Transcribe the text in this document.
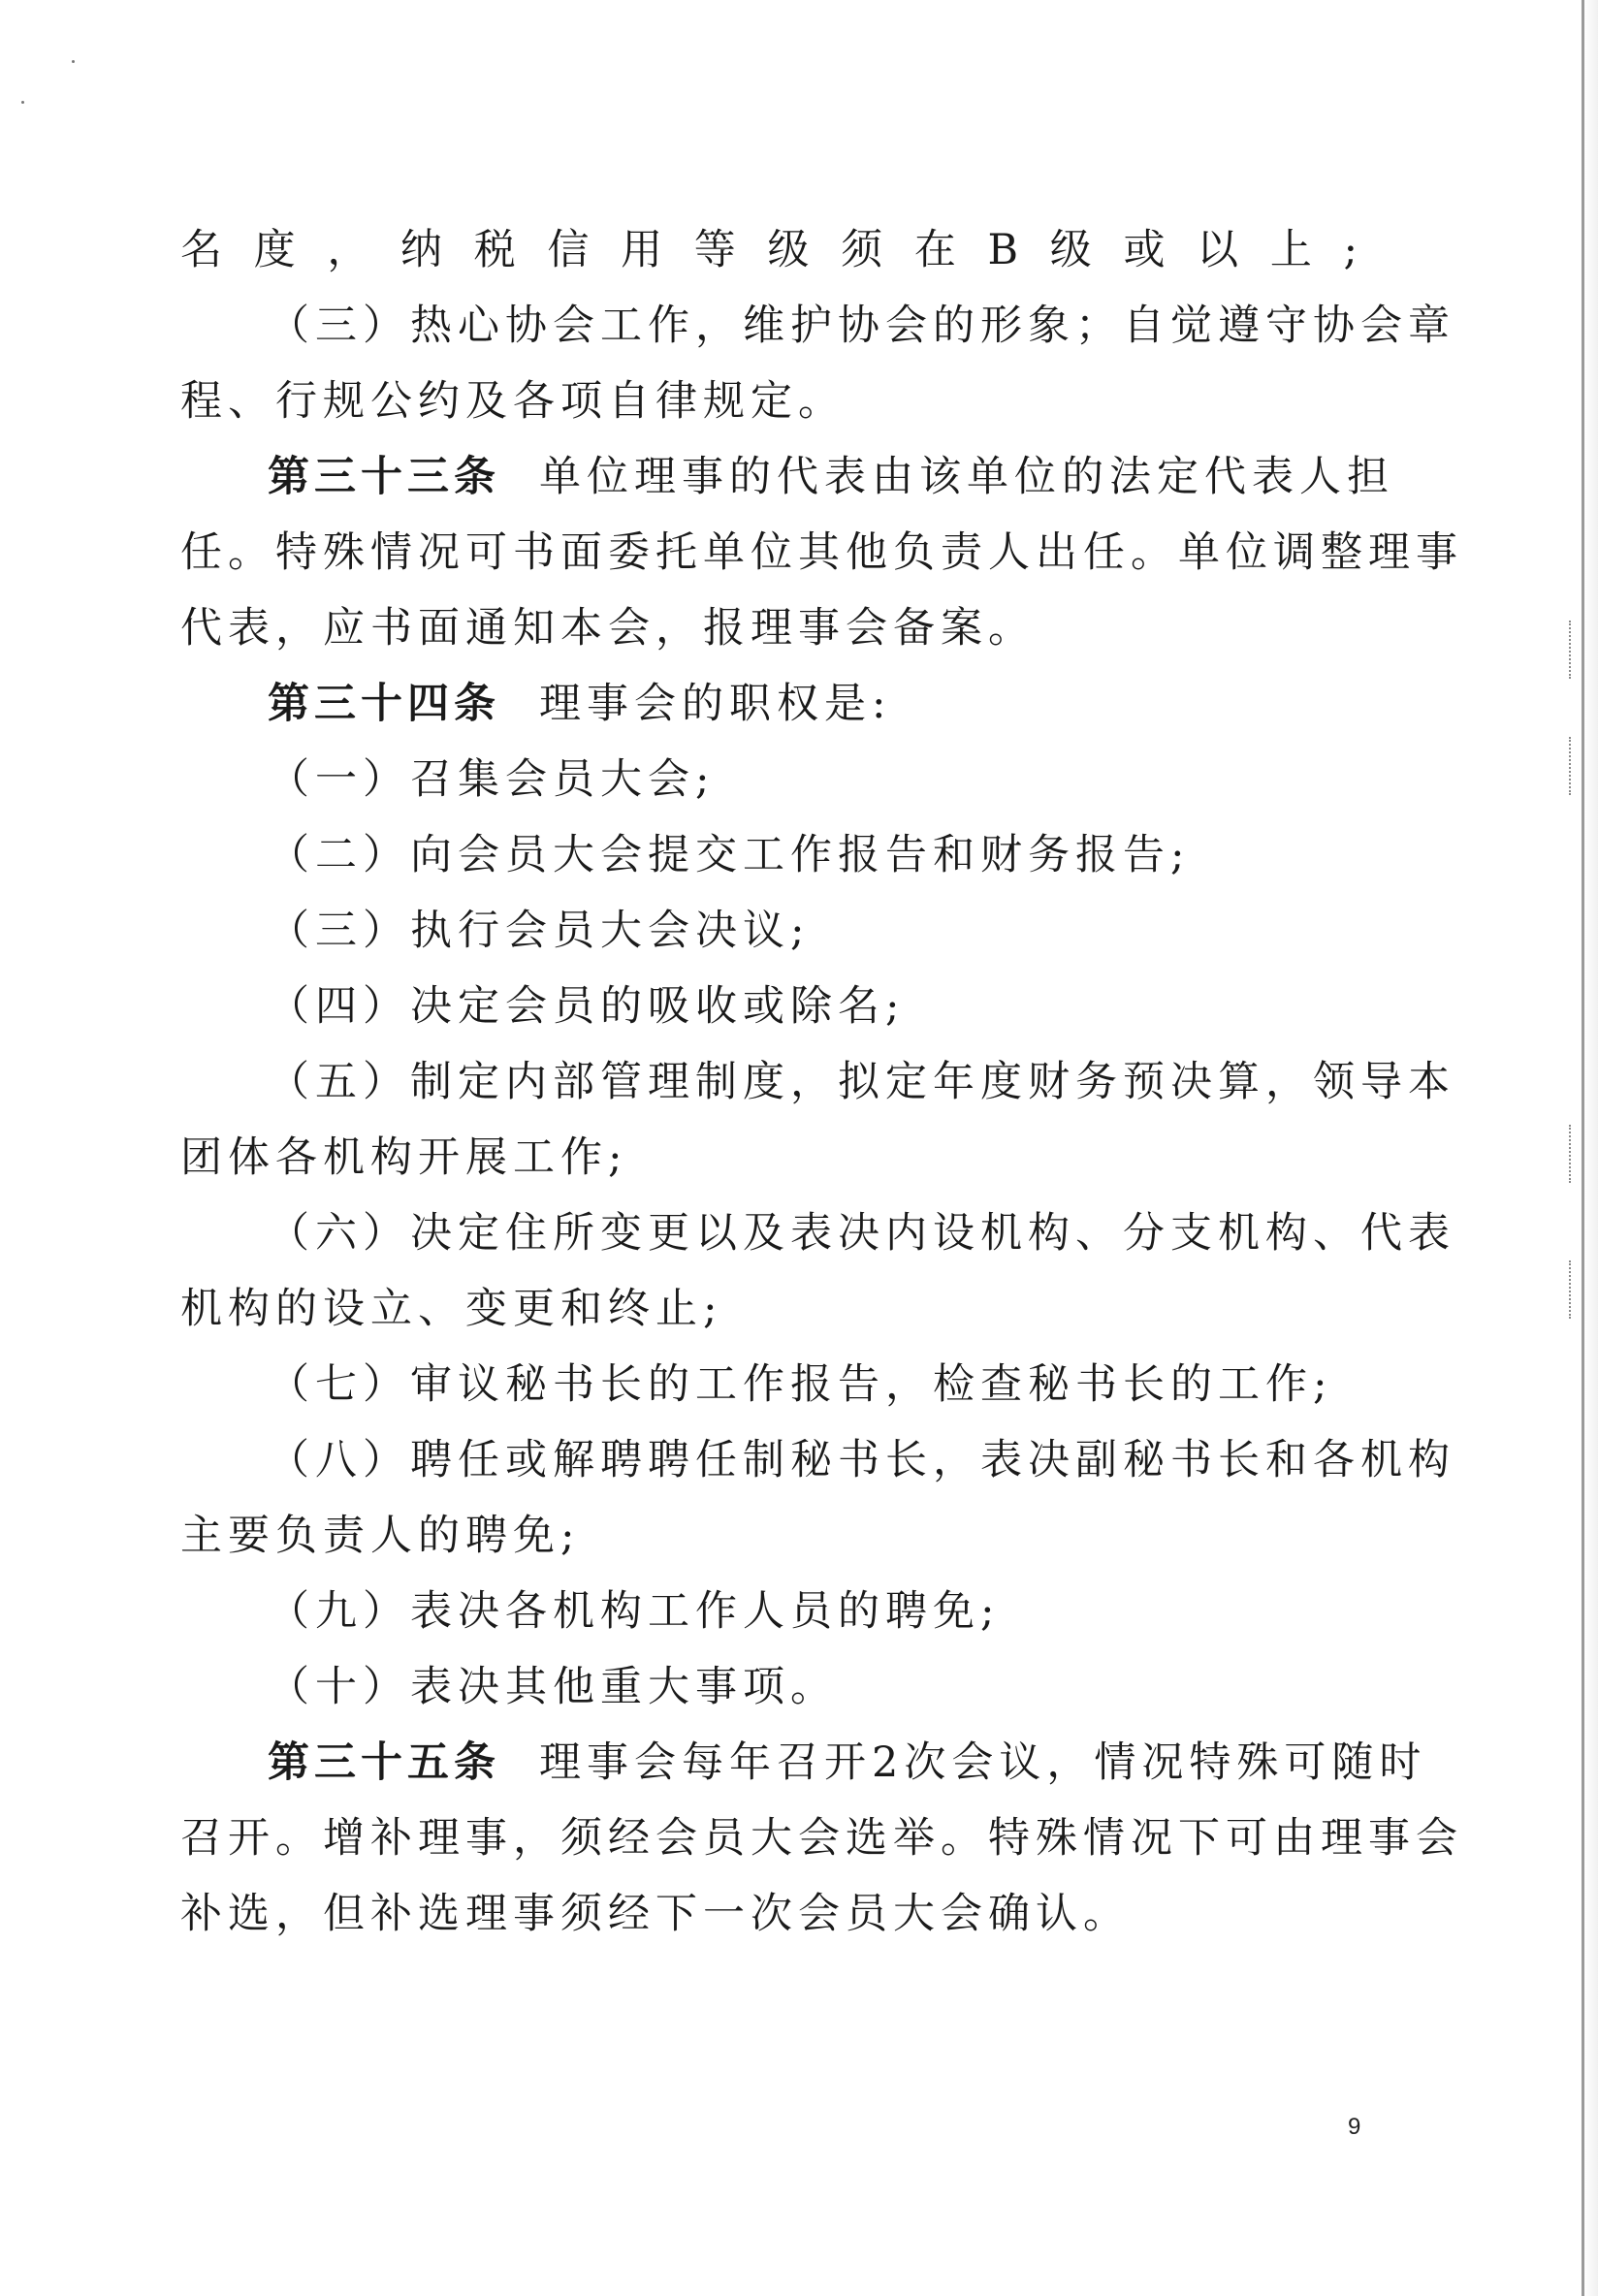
名度，纳税信用等级须在B级或以上;
（三）热心协会工作，维护协会的形象；自觉遵守协会章
程、行规公约及各项自律规定。
第三十三条 单位理事的代表由该单位的法定代表人担
任。特殊情况可书面委托单位其他负责人出任。单位调整理事
代表，应书面通知本会，报理事会备案。
第三十四条 理事会的职权是:
（一）召集会员大会;
（二）向会员大会提交工作报告和财务报告;
（三）执行会员大会决议;
（四）决定会员的吸收或除名;
（五）制定内部管理制度，拟定年度财务预决算，领导本
团体各机构开展工作;
（六）决定住所变更以及表决内设机构、分支机构、代表
机构的设立、变更和终止;
（七）审议秘书长的工作报告，检查秘书长的工作;
（八）聘任或解聘聘任制秘书长，表决副秘书长和各机构
主要负责人的聘免;
（九）表决各机构工作人员的聘免;
（十）表决其他重大事项。
第三十五条 理事会每年召开2次会议，情况特殊可随时
召开。增补理事，须经会员大会选举。特殊情况下可由理事会
补选，但补选理事须经下一次会员大会确认。
9
